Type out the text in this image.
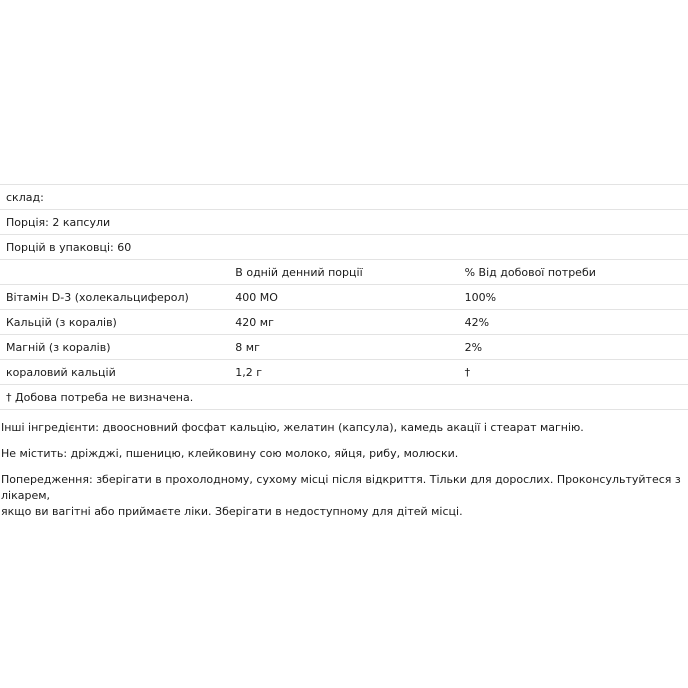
склад:		
Порція: 2 капсули		
Порцій в упаковці: 60		
	В одній денний порції	% Від добової потреби
Вітамін D-3 (холекальциферол)	400 МО	100%
Кальцій (з коралів)	420 мг	42%
Магній (з коралів)	8 мг	2%
кораловий кальцій	1,2 г	†
† Добова потреба не визначена.		

Інші інгредієнти: двоосновний фосфат кальцію, желатин (капсула), камедь акації і стеарат магнію.

Не містить: дріжджі, пшеницю, клейковину сою молоко, яйця, рибу, молюски.

Попередження: зберігати в прохолодному, сухому місці після відкриття. Тільки для дорослих. Проконсультуйтеся з лікарем,
якщо ви вагітні або приймаєте ліки. Зберігати в недоступному для дітей місці.
